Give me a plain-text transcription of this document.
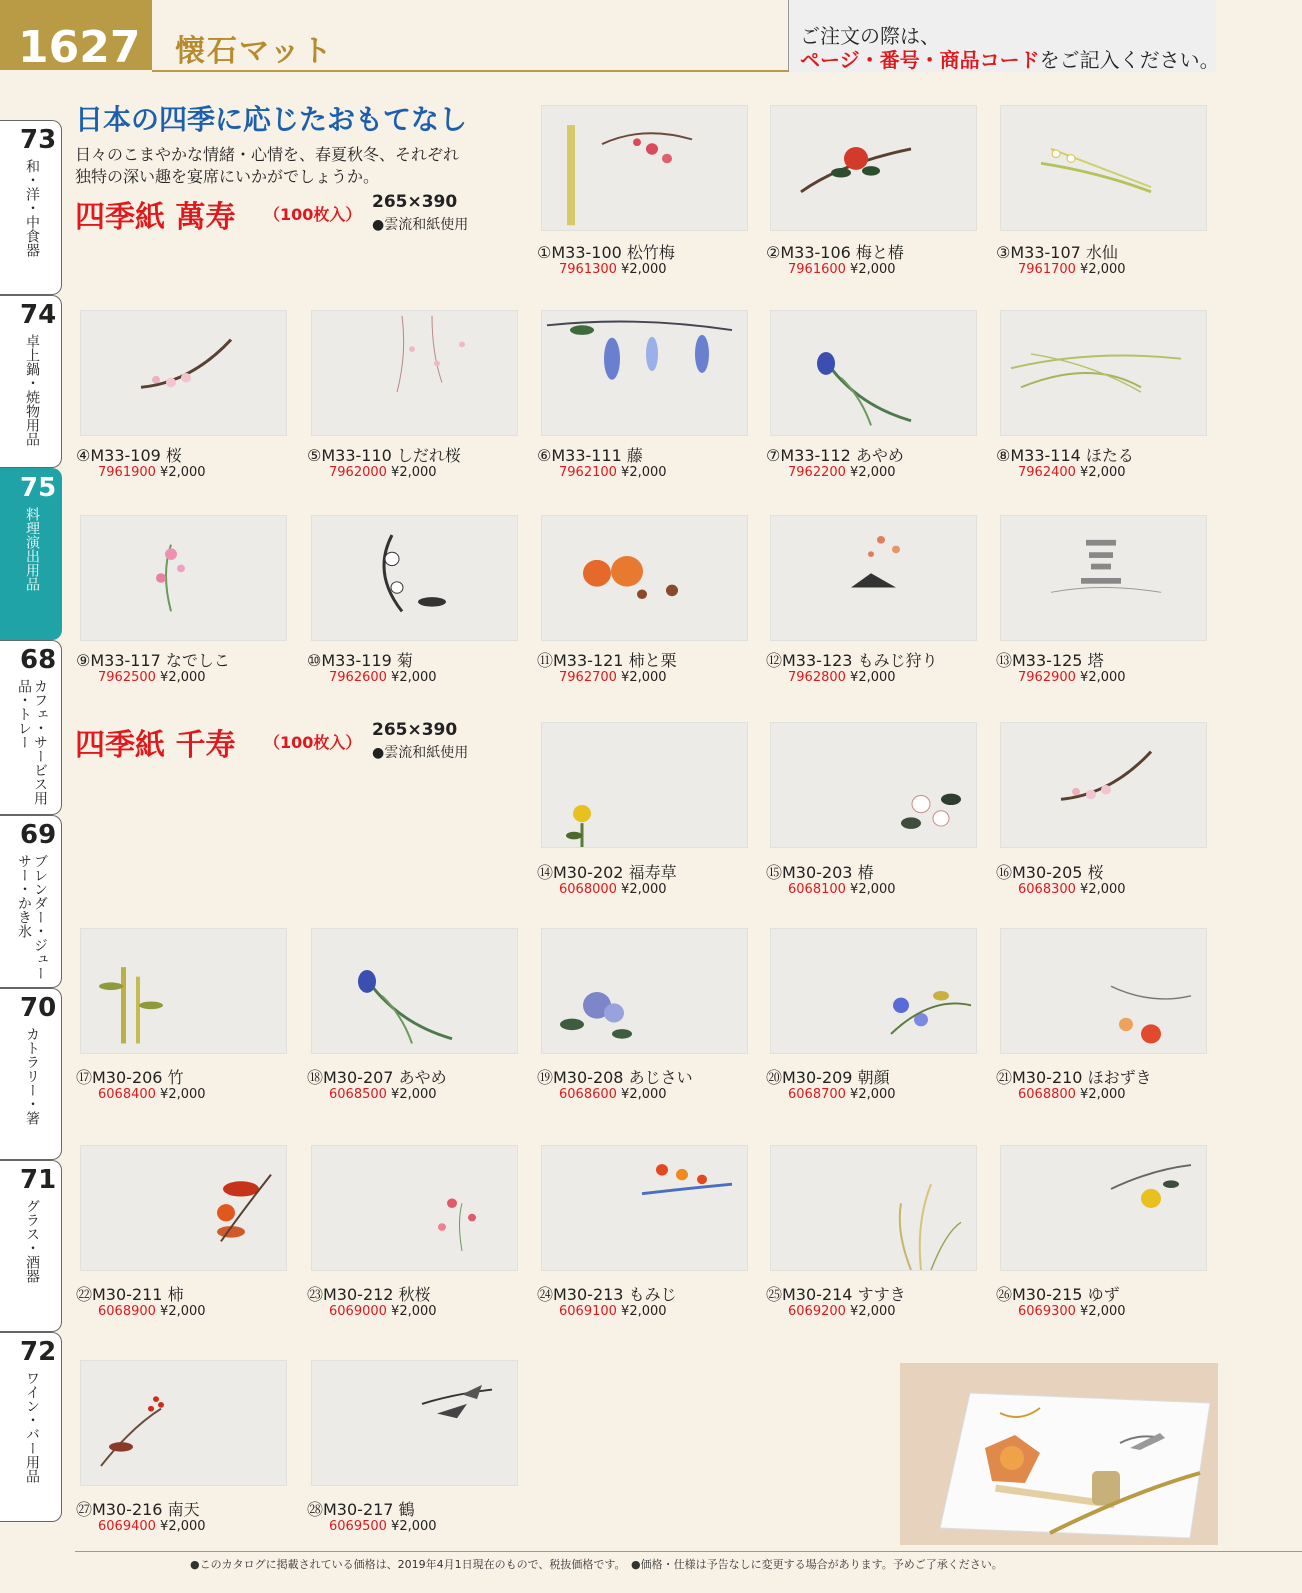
1627	懐石マット	ご注文の際は、
ページ・番号・商品コードをご記入ください。
73
和・洋・中食器
74
卓上鍋・焼物用品
75
料理演出用品
68
カフェ・サービス用品・トレー
69
ブレンダー・ジューサー・かき氷
70
カトラリー・箸
71
グラス・酒器
72
ワイン・バー用品
日本の四季に応じたおもてなし
日々のこまやかな情緒・心情を、春夏秋冬、それぞれ
独特の深い趣を宴席にいかがでしょうか。
四季紙 萬寿 （100枚入）
265×390
●雲流和紙使用
四季紙 千寿 （100枚入）
265×390
●雲流和紙使用
①M33-100 松竹梅
7961300 ¥2,000
②M33-106 梅と椿
7961600 ¥2,000
③M33-107 水仙
7961700 ¥2,000
④M33-109 桜
7961900 ¥2,000
⑤M33-110 しだれ桜
7962000 ¥2,000
⑥M33-111 藤
7962100 ¥2,000
⑦M33-112 あやめ
7962200 ¥2,000
⑧M33-114 ほたる
7962400 ¥2,000
⑨M33-117 なでしこ
7962500 ¥2,000
⑩M33-119 菊
7962600 ¥2,000
⑪M33-121 柿と栗
7962700 ¥2,000
⑫M33-123 もみじ狩り
7962800 ¥2,000
⑬M33-125 塔
7962900 ¥2,000
⑭M30-202 福寿草
6068000 ¥2,000
⑮M30-203 椿
6068100 ¥2,000
⑯M30-205 桜
6068300 ¥2,000
⑰M30-206 竹
6068400 ¥2,000
⑱M30-207 あやめ
6068500 ¥2,000
⑲M30-208 あじさい
6068600 ¥2,000
⑳M30-209 朝顔
6068700 ¥2,000
㉑M30-210 ほおずき
6068800 ¥2,000
㉒M30-211 柿
6068900 ¥2,000
㉓M30-212 秋桜
6069000 ¥2,000
㉔M30-213 もみじ
6069100 ¥2,000
㉕M30-214 すすき
6069200 ¥2,000
㉖M30-215 ゆず
6069300 ¥2,000
㉗M30-216 南天
6069400 ¥2,000
㉘M30-217 鶴
6069500 ¥2,000
●このカタログに掲載されている価格は、2019年4月1日現在のもので、税抜価格です。　●価格・仕様は予告なしに変更する場合があります。予めご了承ください。
